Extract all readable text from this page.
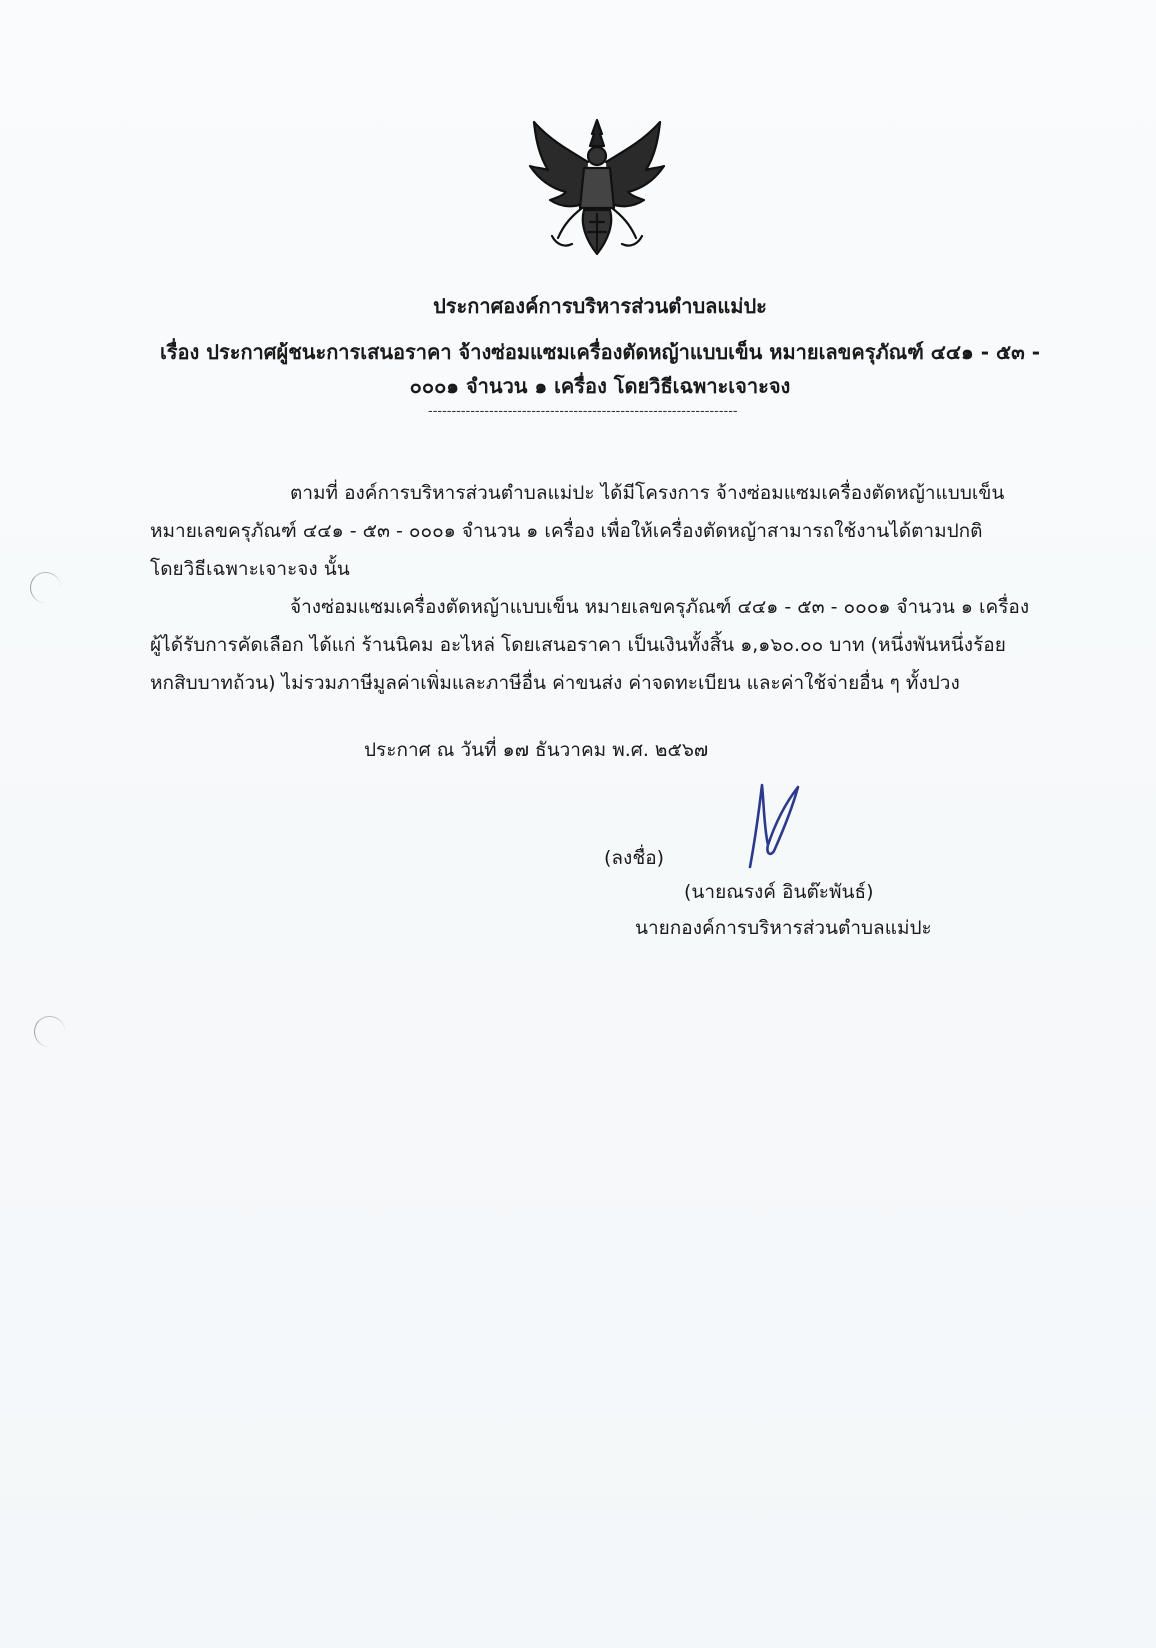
ประกาศองค์การบริหารส่วนตำบลแม่ปะ
เรื่อง ประกาศผู้ชนะการเสนอราคา จ้างซ่อมแซมเครื่องตัดหญ้าแบบเข็น หมายเลขครุภัณฑ์ ๔๔๑ - ๕๓ -
๐๐๐๑ จำนวน ๑ เครื่อง โดยวิธีเฉพาะเจาะจง
------------------------------------------------------------------
ตามที่ องค์การบริหารส่วนตำบลแม่ปะ ได้มีโครงการ จ้างซ่อมแซมเครื่องตัดหญ้าแบบเข็น
หมายเลขครุภัณฑ์ ๔๔๑ - ๕๓ - ๐๐๐๑ จำนวน ๑ เครื่อง เพื่อให้เครื่องตัดหญ้าสามารถใช้งานได้ตามปกติ
โดยวิธีเฉพาะเจาะจง นั้น
จ้างซ่อมแซมเครื่องตัดหญ้าแบบเข็น หมายเลขครุภัณฑ์ ๔๔๑ - ๕๓ - ๐๐๐๑ จำนวน ๑ เครื่อง
ผู้ได้รับการคัดเลือก ได้แก่ ร้านนิคม อะไหล่ โดยเสนอราคา เป็นเงินทั้งสิ้น ๑,๑๖๐.๐๐ บาท (หนึ่งพันหนึ่งร้อย
หกสิบบาทถ้วน) ไม่รวมภาษีมูลค่าเพิ่มและภาษีอื่น ค่าขนส่ง ค่าจดทะเบียน และค่าใช้จ่ายอื่น ๆ ทั้งปวง
ประกาศ ณ วันที่ ๑๗ ธันวาคม พ.ศ. ๒๕๖๗
(ลงชื่อ)
(นายณรงค์ อินต๊ะพันธ์)
นายกองค์การบริหารส่วนตำบลแม่ปะ
